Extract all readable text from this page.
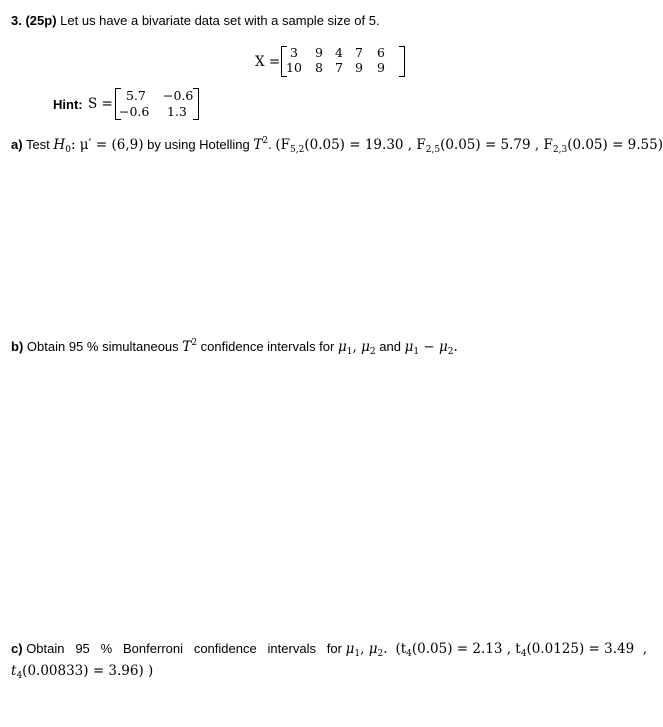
3. (25p) Let us have a bivariate data set with a sample size of 5.
X =
3 9 4 7 6
10 8 7 9 9
Hint: S =
5.7 −0.6
−0.6 1.3
a) Test $H_0$: μ′ = (6,9) by using Hotelling $T^2$. ($F_{5,2}(0.05) = 19.30$ , $F_{2,5}(0.05) = 5.79$ , $F_{2,3}(0.05) = 9.55$)
b) Obtain 95 % simultaneous $T^2$ confidence intervals for $\mu_1$, $\mu_2$ and $\mu_1 - \mu_2$.
c) Obtain   95   %   Bonferroni   confidence   intervals   for $\mu_1$, $\mu_2$. ($t_4(0.05) = 2.13$ , $t_4(0.0125) = 3.49$ ,
$t_4(0.00833) = 3.96$) )
